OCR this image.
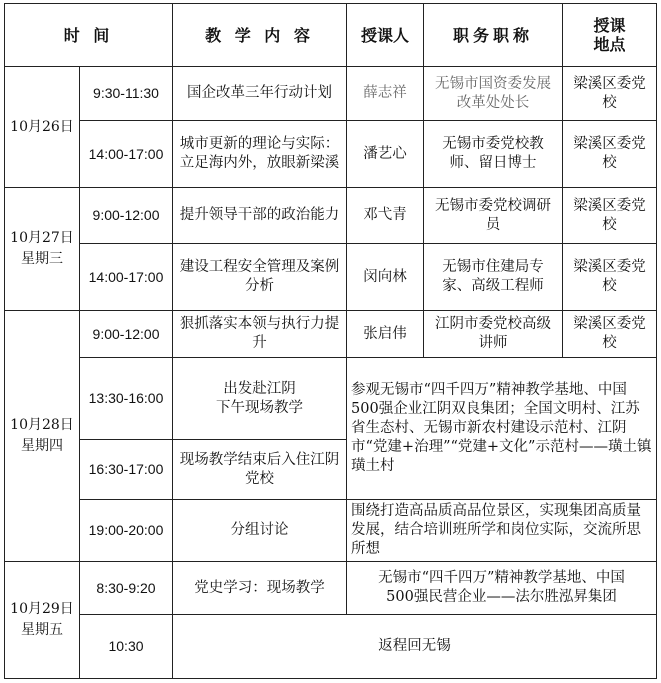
时 间		教 学 内 容	授课人	职务职称	授课
地点

10月26日	9:30-11:30	国企改革三年行动计划	薛志祥	无锡市国资委发展改革处处长	梁溪区委党校
	14:00-17:00	城市更新的理论与实际：立足海内外，放眼新梁溪	潘艺心	无锡市委党校教师、留日博士	梁溪区委党校

10月27日
星期三	9:00-12:00	提升领导干部的政治能力	邓弋青	无锡市委党校调研员	梁溪区委党校
	14:00-17:00	建设工程安全管理及案例分析	闵向林	无锡市住建局专家、高级工程师	梁溪区委党校

10月28日
星期四	9:00-12:00	狠抓落实本领与执行力提升	张启伟	江阴市委党校高级讲师	梁溪区委党校
	13:30-16:00	出发赴江阴
下午现场教学	参观无锡市“四千四万”精神教学基地、中国500强企业江阴双良集团；全国文明村、江苏省生态村、无锡市新农村建设示范村、江阴市“党建+治理”“党建+文化”示范村——璜土镇璜土村		
	16:30-17:00	现场教学结束后入住江阴党校			
	19:00-20:00	分组讨论	围绕打造高品质高品位景区，实现集团高质量发展，结合培训班所学和岗位实际，交流所思所想		

10月29日
星期五	8:30-9:20	党史学习：现场教学	无锡市“四千四万”精神教学基地、中国
500强民营企业——法尔胜泓昇集团		

	10:30	返程回无锡			
